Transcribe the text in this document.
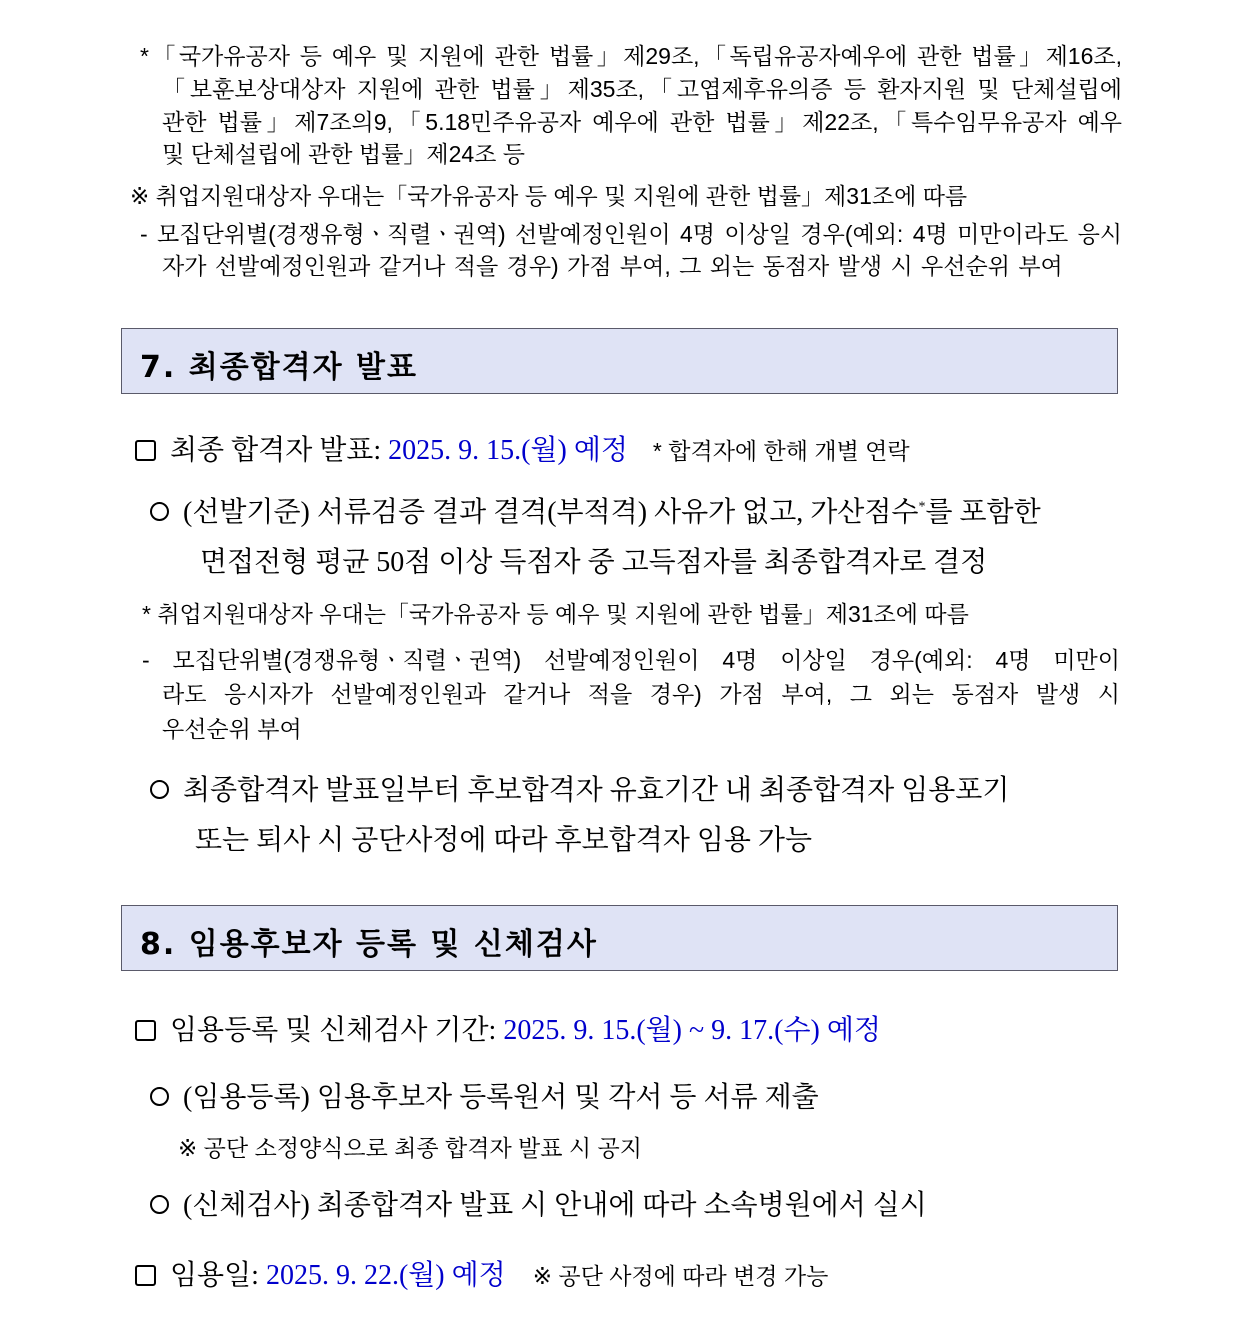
*「국가유공자 등 예우 및 지원에 관한 법률」제29조,「독립유공자예우에 관한 법률」제16조,
「보훈보상대상자 지원에 관한 법률」제35조,「고엽제후유의증 등 환자지원 및 단체설립에
관한 법률」제7조의9,「5.18민주유공자 예우에 관한 법률」제22조,「특수임무유공자 예우
및 단체설립에 관한 법률」제24조 등
※ 취업지원대상자 우대는「국가유공자 등 예우 및 지원에 관한 법률」제31조에 따름
- 모집단위별(경쟁유형ㆍ직렬ㆍ권역) 선발예정인원이 4명 이상일 경우(예외: 4명 미만이라도 응시
자가 선발예정인원과 같거나 적을 경우) 가점 부여, 그 외는 동점자 발생 시 우선순위 부여
7. 최종합격자 발표
최종 합격자 발표: 2025. 9. 15.(월) 예정 * 합격자에 한해 개별 연락
(선발기준) 서류검증 결과 결격(부적격) 사유가 없고, 가산점수*를 포함한
면접전형 평균 50점 이상 득점자 중 고득점자를 최종합격자로 결정
* 취업지원대상자 우대는「국가유공자 등 예우 및 지원에 관한 법률」제31조에 따름
- 모집단위별(경쟁유형ㆍ직렬ㆍ권역) 선발예정인원이 4명 이상일 경우(예외: 4명 미만이
라도 응시자가 선발예정인원과 같거나 적을 경우) 가점 부여, 그 외는 동점자 발생 시
우선순위 부여
최종합격자 발표일부터 후보합격자 유효기간 내 최종합격자 임용포기
또는 퇴사 시 공단사정에 따라 후보합격자 임용 가능
8. 임용후보자 등록 및 신체검사
임용등록 및 신체검사 기간: 2025. 9. 15.(월) ~ 9. 17.(수) 예정
(임용등록) 임용후보자 등록원서 및 각서 등 서류 제출
※ 공단 소정양식으로 최종 합격자 발표 시 공지
(신체검사) 최종합격자 발표 시 안내에 따라 소속병원에서 실시
임용일: 2025. 9. 22.(월) 예정 ※ 공단 사정에 따라 변경 가능
